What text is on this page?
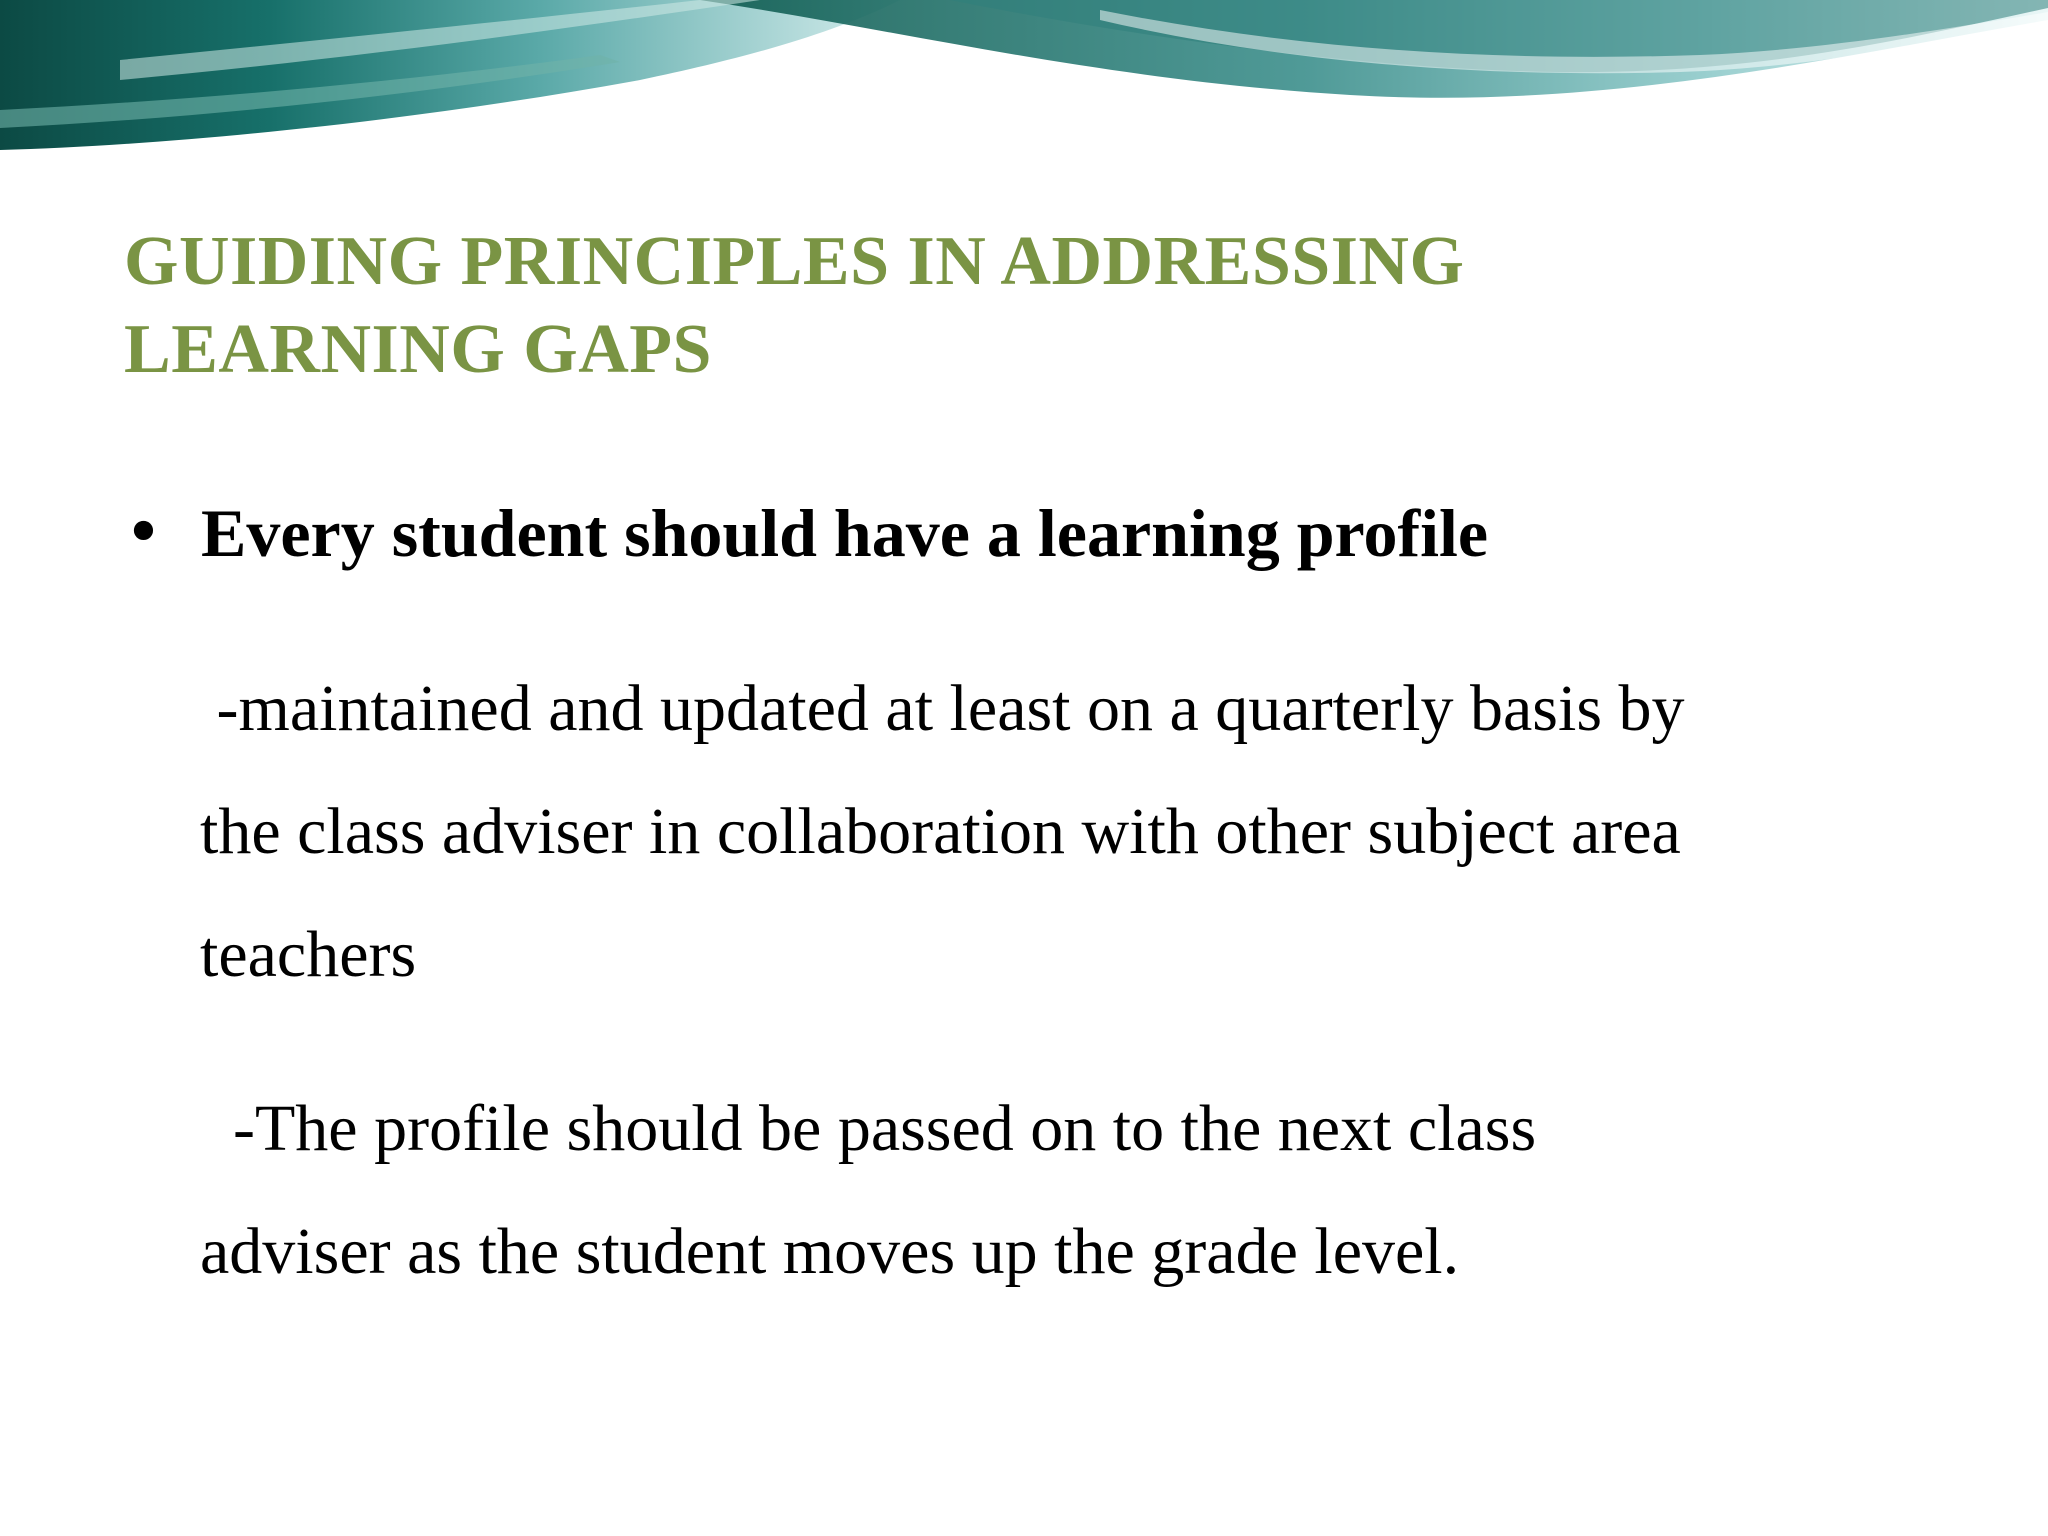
GUIDING PRINCIPLES IN ADDRESSING
LEARNING GAPS
• Every student should have a learning profile

-maintained and updated at least on a quarterly basis by
the class adviser in collaboration with other subject area
teachers

-The profile should be passed on to the next class
adviser as the student moves up the grade level.
